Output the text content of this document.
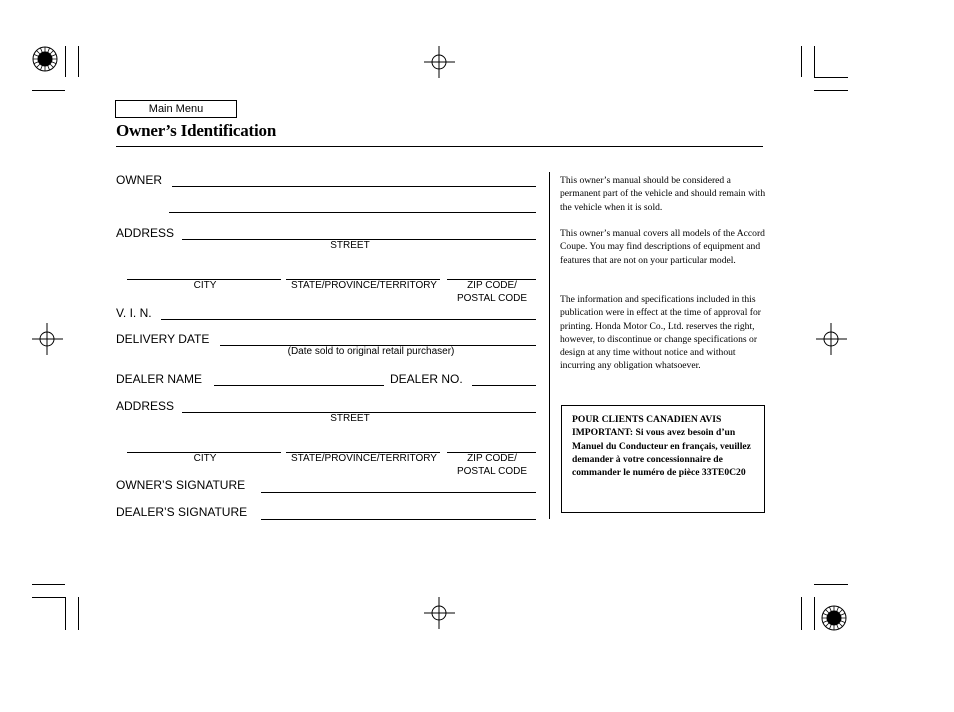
Main Menu
Owner’s Identification
OWNER
ADDRESS
STREET
CITY	STATE/PROVINCE/TERRITORY	ZIP CODE/
POSTAL CODE
V. I. N.
DELIVERY DATE
(Date sold to original retail purchaser)
DEALER NAME	DEALER NO.
ADDRESS
STREET
CITY	STATE/PROVINCE/TERRITORY	ZIP CODE/
POSTAL CODE
OWNER’S SIGNATURE
DEALER’S SIGNATURE
This owner’s manual should be considered a permanent part of the vehicle and should remain with the vehicle when it is sold.
This owner’s manual covers all models of the Accord Coupe. You may find descriptions of equipment and features that are not on your particular model.
The information and specifications included in this publication were in effect at the time of approval for printing. Honda Motor Co., Ltd. reserves the right, however, to discontinue or change specifications or design at any time without notice and without incurring any obligation whatsoever.
POUR CLIENTS CANADIEN AVIS IMPORTANT: Si vous avez besoin d’un Manuel du Conducteur en français, veuillez demander à votre concessionnaire de commander le numéro de pièce 33TE0C20
